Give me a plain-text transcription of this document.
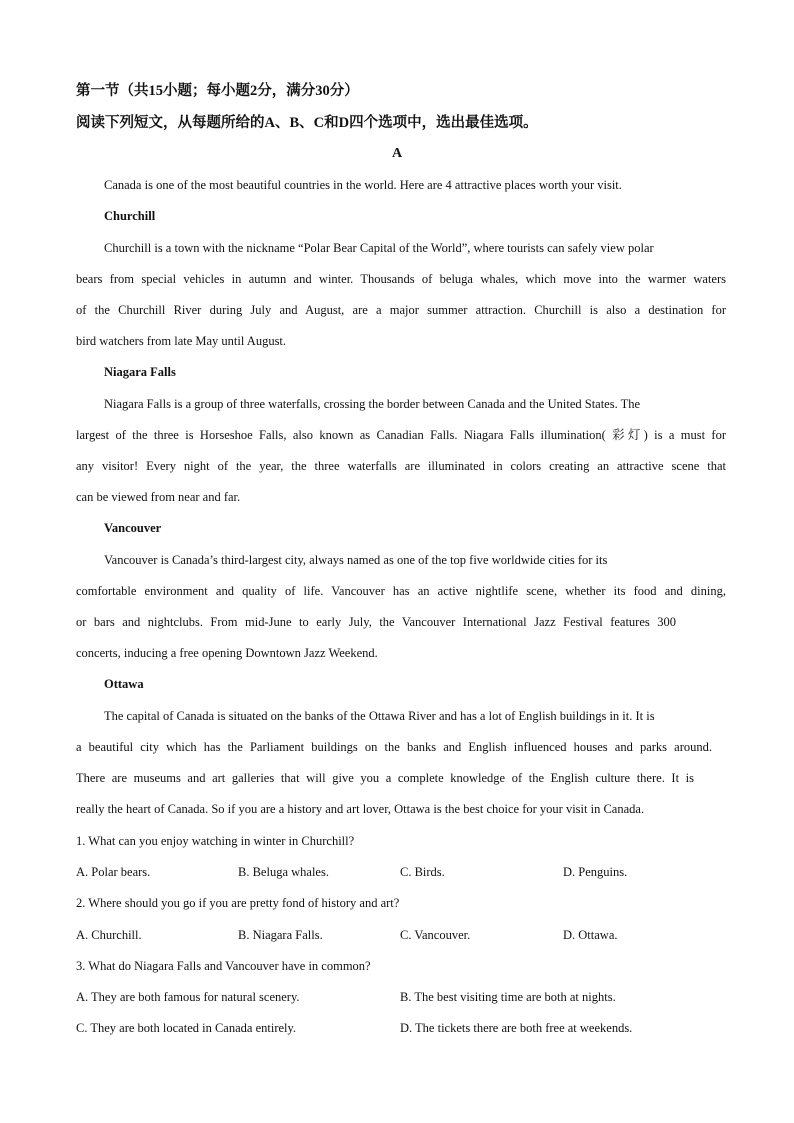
第一节（共15小题；每小题2分，满分30分）
阅读下列短文，从每题所给的A、B、C和D四个选项中，选出最佳选项。
A
Canada is one of the most beautiful countries in the world. Here are 4 attractive places worth your visit.
Churchill
Churchill is a town with the nickname “Polar Bear Capital of the World”, where tourists can safely view polar
bears from special vehicles in autumn and winter. Thousands of beluga whales, which move into the warmer waters
of the Churchill River during July and August, are a major summer attraction. Churchill is also a destination for
bird watchers from late May until August.
Niagara Falls
Niagara Falls is a group of three waterfalls, crossing the border between Canada and the United States. The
largest of the three is Horseshoe Falls, also known as Canadian Falls. Niagara Falls illumination( 彩灯) is a must for
any visitor! Every night of the year, the three waterfalls are illuminated in colors creating an attractive scene that
can be viewed from near and far.
Vancouver
Vancouver is Canada’s third-largest city, always named as one of the top five worldwide cities for its
comfortable environment and quality of life. Vancouver has an active nightlife scene, whether its food and dining,
or bars and nightclubs. From mid-June to early July, the Vancouver International Jazz Festival features 300
concerts, inducing a free opening Downtown Jazz Weekend.
Ottawa
The capital of Canada is situated on the banks of the Ottawa River and has a lot of English buildings in it. It is
a beautiful city which has the Parliament buildings on the banks and English influenced houses and parks around.
There are museums and art galleries that will give you a complete knowledge of the English culture there. It is
really the heart of Canada. So if you are a history and art lover, Ottawa is the best choice for your visit in Canada.
1. What can you enjoy watching in winter in Churchill?
A. Polar bears.	B. Beluga whales.	C. Birds.	D. Penguins.
2. Where should you go if you are pretty fond of history and art?
A. Churchill.	B. Niagara Falls.	C. Vancouver.	D. Ottawa.
3. What do Niagara Falls and Vancouver have in common?
A. They are both famous for natural scenery.	B. The best visiting time are both at nights.
C. They are both located in Canada entirely.	D. The tickets there are both free at weekends.
